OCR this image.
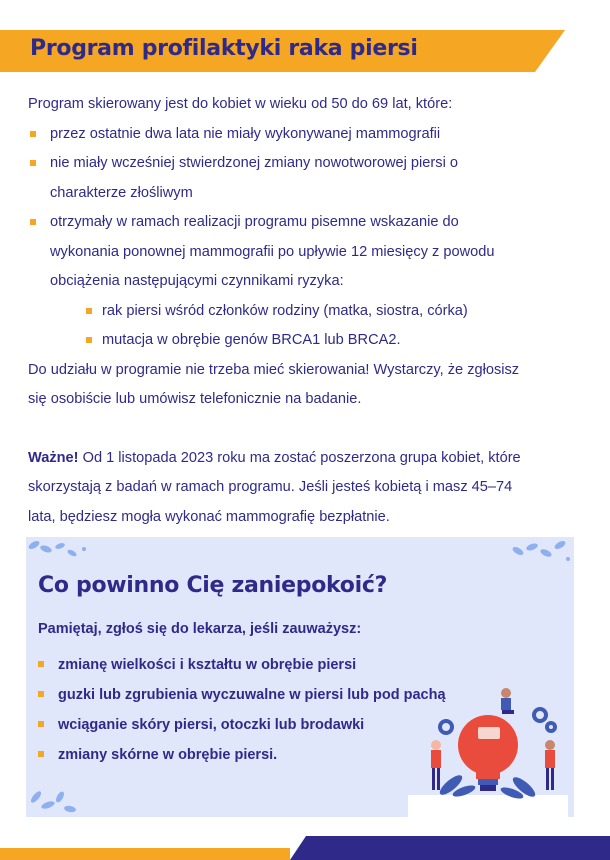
Program profilaktyki raka piersi

Program skierowany jest do kobiet w wieku od 50 do 69 lat, które:

przez ostatnie dwa lata nie miały wykonywanej mammografii
nie miały wcześniej stwierdzonej zmiany nowotworowej piersi o
charakterze złośliwym
otrzymały w ramach realizacji programu pisemne wskazanie do
wykonania ponownej mammografii po upływie 12 miesięcy z powodu
obciążenia następującymi czynnikami ryzyka:
rak piersi wśród członków rodziny (matka, siostra, córka)
mutacja w obrębie genów BRCA1 lub BRCA2.

Do udziału w programie nie trzeba mieć skierowania! Wystarczy, że zgłosisz
się osobiście lub umówisz telefonicznie na badanie.

Ważne! Od 1 listopada 2023 roku ma zostać poszerzona grupa kobiet, które
skorzystają z badań w ramach programu. Jeśli jesteś kobietą i masz 45–74
lata, będziesz mogła wykonać mammografię bezpłatnie.

Co powinno Cię zaniepokoić?

Pamiętaj, zgłoś się do lekarza, jeśli zauważysz:

zmianę wielkości i kształtu w obrębie piersi
guzki lub zgrubienia wyczuwalne w piersi lub pod pachą
wciąganie skóry piersi, otoczki lub brodawki
zmiany skórne w obrębie piersi.
